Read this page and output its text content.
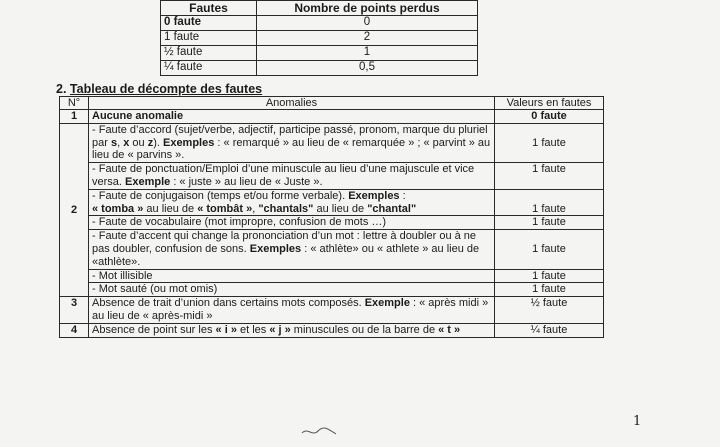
Fautes	Nombre de points perdus
0 faute	0
1 faute	2
½ faute	1
¼ faute	0,5
2. Tableau de décompte des fautes
N°	Anomalies	Valeurs en fautes
1	Aucune anomalie	0 faute
2	- Faute d’accord (sujet/verbe, adjectif, participe passé, pronom, marque du pluriel par s, x ou z). Exemples : « remarqué » au lieu de « remarquée » ; « parvint » au lieu de « parvins ».	1 faute
	- Faute de ponctuation/Emploi d’une minuscule au lieu d’une majuscule et vice versa. Exemple : « juste » au lieu de « Juste ».	1 faute
	- Faute de conjugaison (temps et/ou forme verbale). Exemples :
« tomba » au lieu de « tombât », "chantals" au lieu de "chantal"	1 faute
	- Faute de vocabulaire (mot impropre, confusion de mots …)	1 faute
	- Faute d’accent qui change la prononciation d’un mot : lettre à doubler ou à ne pas doubler, confusion de sons. Exemples : « athlète» ou « athlete » au lieu de «athlète».	1 faute
	- Mot illisible	1 faute
	- Mot sauté (ou mot omis)	1 faute
3	Absence de trait d’union dans certains mots composés. Exemple : « après midi » au lieu de « après-midi »	½ faute
4	Absence de point sur les « i » et les « j » minuscules ou de la barre de « t »	¼ faute
1
